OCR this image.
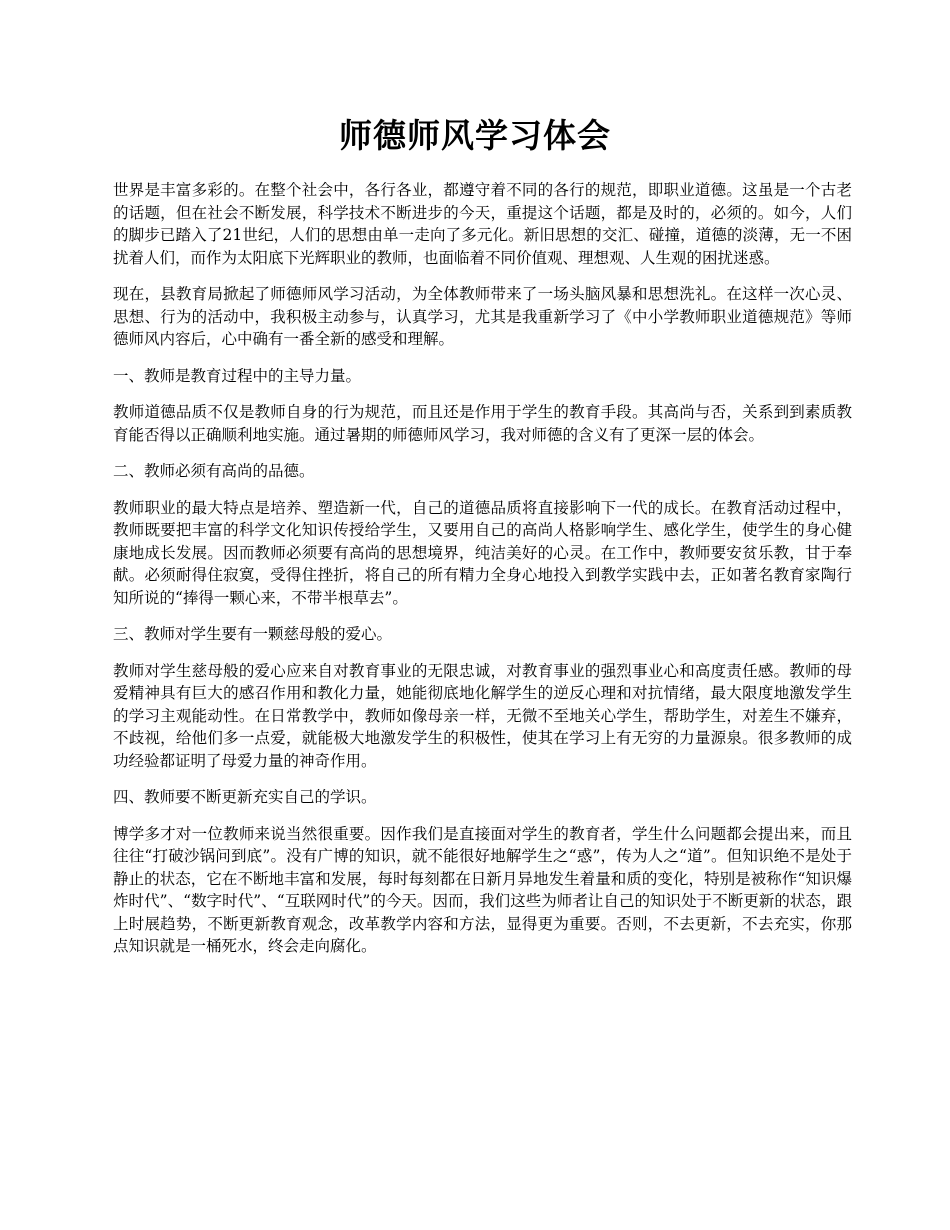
师德师风学习体会

世界是丰富多彩的。在整个社会中，各行各业，都遵守着不同的各行的规范，即职业道德。这虽是一个古老的话题，但在社会不断发展，科学技术不断进步的今天，重提这个话题，都是及时的，必须的。如今，人们的脚步已踏入了21世纪，人们的思想由单一走向了多元化。新旧思想的交汇、碰撞，道德的淡薄，无一不困扰着人们，而作为太阳底下光辉职业的教师，也面临着不同价值观、理想观、人生观的困扰迷惑。

现在，县教育局掀起了师德师风学习活动，为全体教师带来了一场头脑风暴和思想洗礼。在这样一次心灵、思想、行为的活动中，我积极主动参与，认真学习，尤其是我重新学习了《中小学教师职业道德规范》等师德师风内容后，心中确有一番全新的感受和理解。

一、教师是教育过程中的主导力量。

教师道德品质不仅是教师自身的行为规范，而且还是作用于学生的教育手段。其高尚与否，关系到到素质教育能否得以正确顺利地实施。通过暑期的师德师风学习，我对师德的含义有了更深一层的体会。

二、教师必须有高尚的品德。

教师职业的最大特点是培养、塑造新一代，自己的道德品质将直接影响下一代的成长。在教育活动过程中，教师既要把丰富的科学文化知识传授给学生，又要用自己的高尚人格影响学生、感化学生，使学生的身心健康地成长发展。因而教师必须要有高尚的思想境界，纯洁美好的心灵。在工作中，教师要安贫乐教，甘于奉献。必须耐得住寂寞，受得住挫折，将自己的所有精力全身心地投入到教学实践中去，正如著名教育家陶行知所说的“捧得一颗心来，不带半根草去”。

三、教师对学生要有一颗慈母般的爱心。

教师对学生慈母般的爱心应来自对教育事业的无限忠诚，对教育事业的强烈事业心和高度责任感。教师的母爱精神具有巨大的感召作用和教化力量，她能彻底地化解学生的逆反心理和对抗情绪，最大限度地激发学生的学习主观能动性。在日常教学中，教师如像母亲一样，无微不至地关心学生，帮助学生，对差生不嫌弃，不歧视，给他们多一点爱，就能极大地激发学生的积极性，使其在学习上有无穷的力量源泉。很多教师的成功经验都证明了母爱力量的神奇作用。

四、教师要不断更新充实自己的学识。

博学多才对一位教师来说当然很重要。因作我们是直接面对学生的教育者，学生什么问题都会提出来，而且往往“打破沙锅问到底”。没有广博的知识，就不能很好地解学生之“惑”，传为人之“道”。但知识绝不是处于静止的状态，它在不断地丰富和发展，每时每刻都在日新月异地发生着量和质的变化，特别是被称作“知识爆炸时代”、“数字时代”、“互联网时代”的今天。因而，我们这些为师者让自己的知识处于不断更新的状态，跟上时展趋势，不断更新教育观念，改革教学内容和方法，显得更为重要。否则，不去更新，不去充实，你那点知识就是一桶死水，终会走向腐化。
